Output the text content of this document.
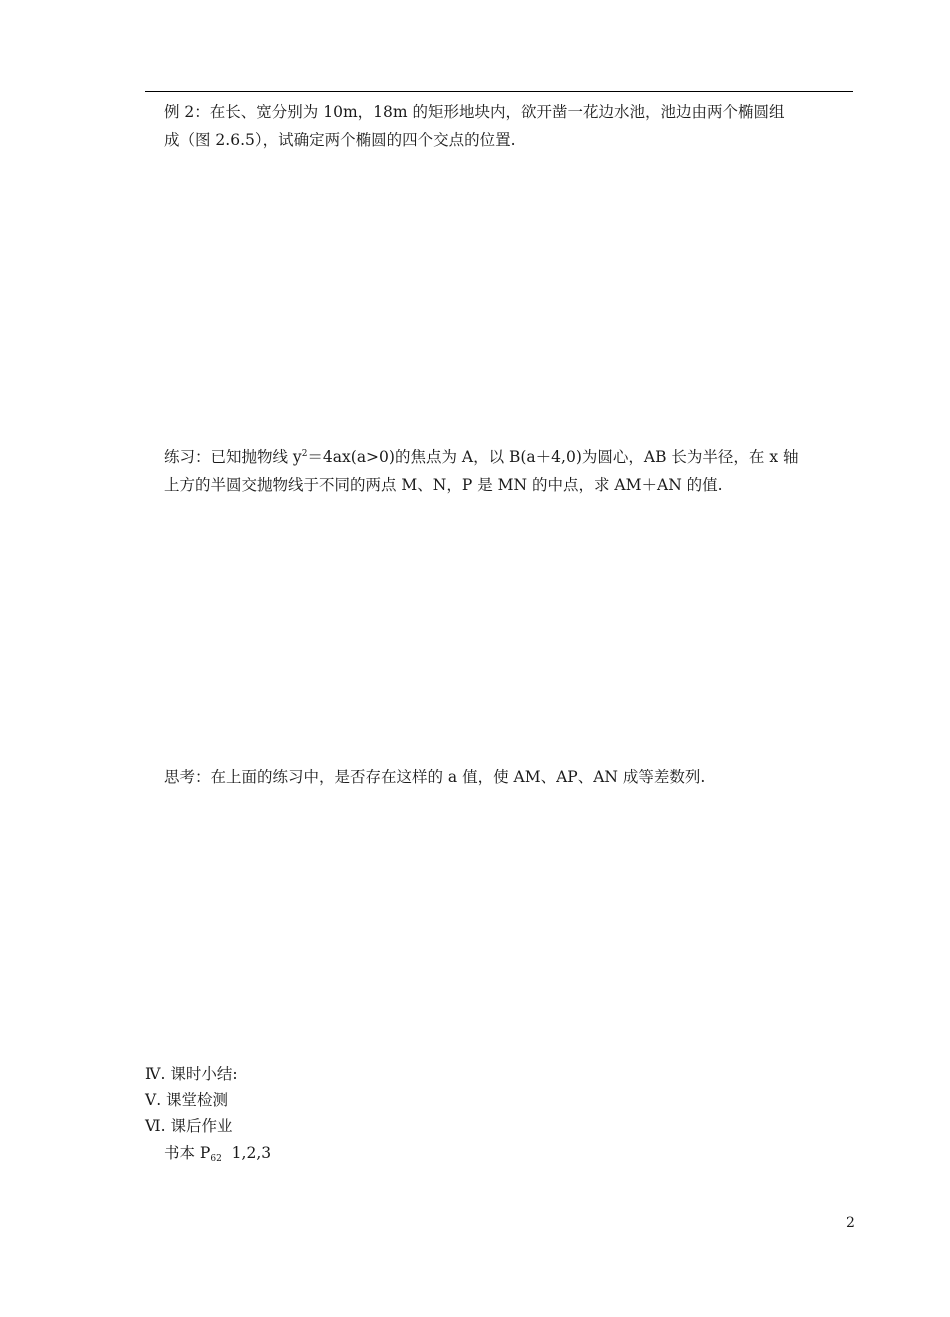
例 2：在长、宽分别为 10m，18m 的矩形地块内，欲开凿一花边水池，池边由两个椭圆组
成（图 2.6.5），试确定两个椭圆的四个交点的位置.
练习：已知抛物线 $y^2=4ax(a>0)$的焦点为 A，以 B(a＋4,0)为圆心，AB 长为半径，在 x 轴
上方的半圆交抛物线于不同的两点 M、N，P 是 MN 的中点，求 AM＋AN 的值.
思考：在上面的练习中，是否存在这样的 a 值，使 AM、AP、AN 成等差数列.
Ⅳ. 课时小结:
Ⅴ. 课堂检测
Ⅵ. 课后作业
书本 $P_{62}$  1,2,3
2
